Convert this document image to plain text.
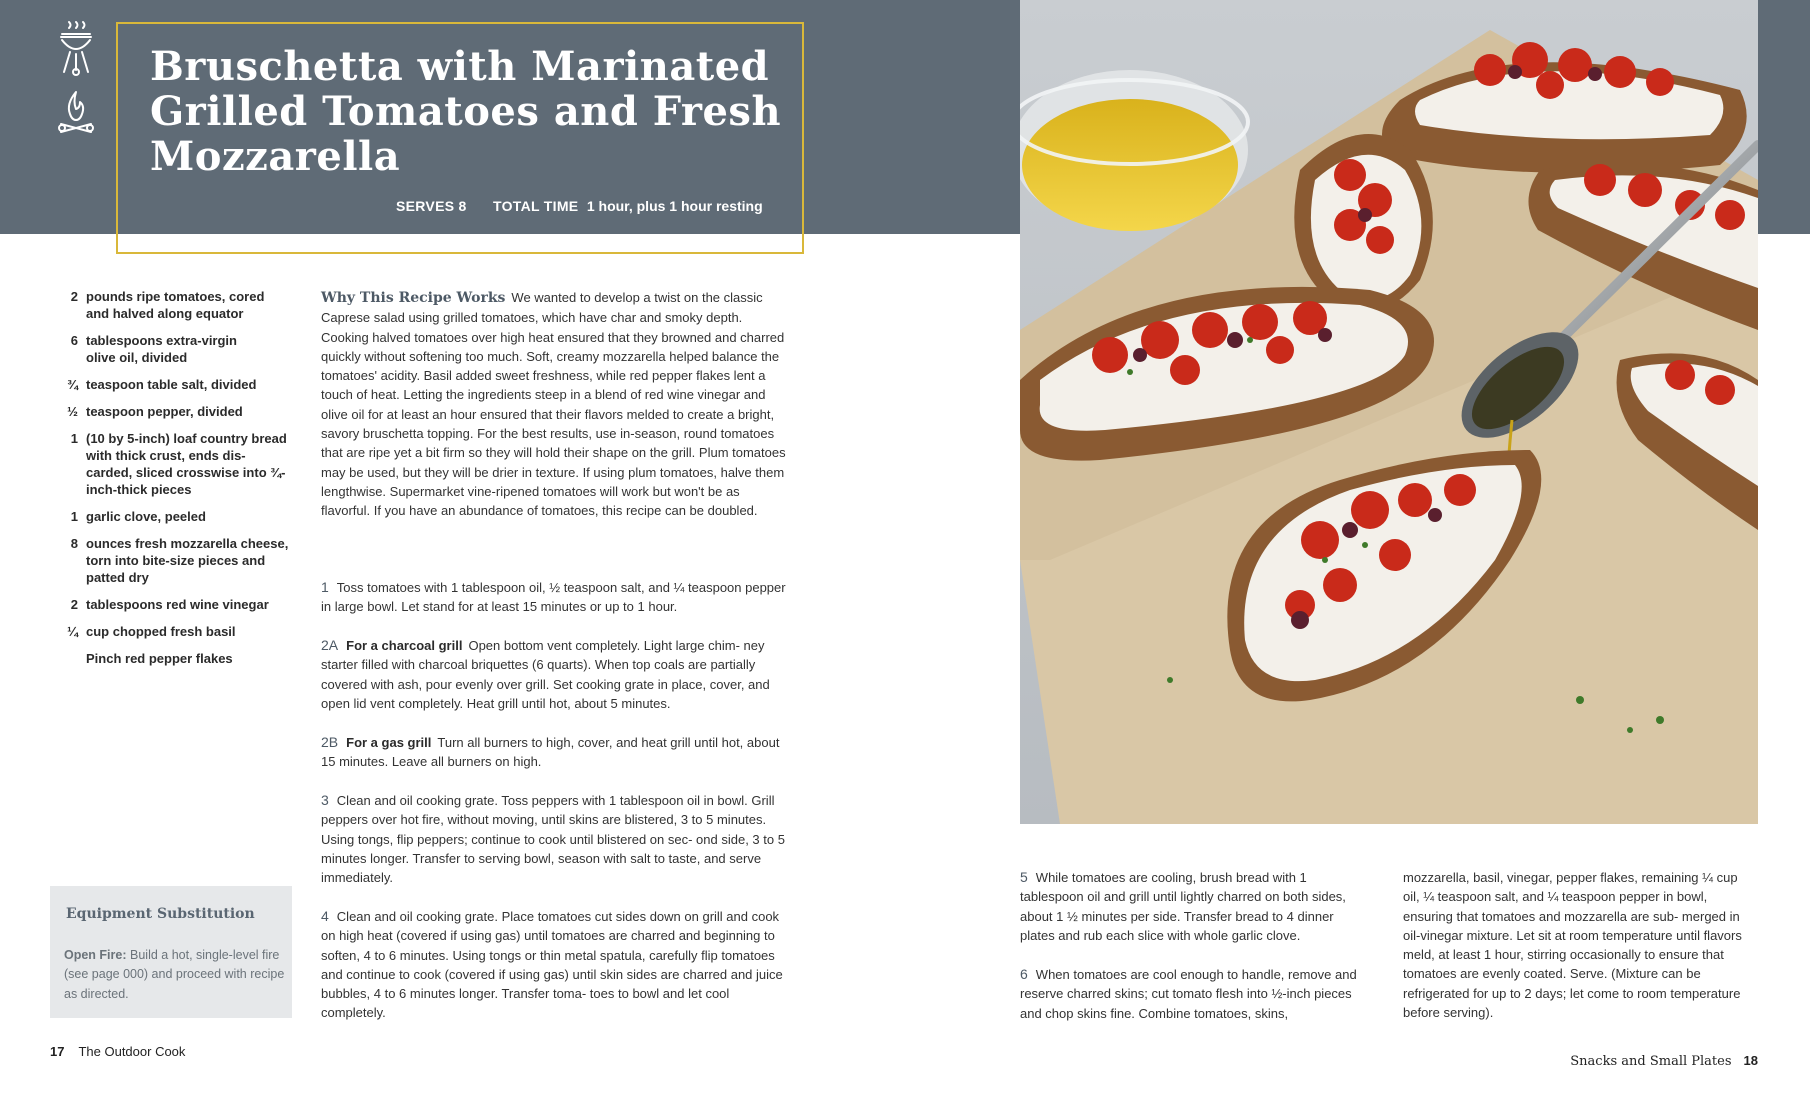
Bruschetta with Marinated Grilled Tomatoes and Fresh Mozzarella
SERVES 8 TOTAL TIME 1 hour, plus 1 hour resting
2 pounds ripe tomatoes, cored and halved along equator
6 tablespoons extra-virgin olive oil, divided
¾ teaspoon table salt, divided
½ teaspoon pepper, divided
1 (10 by 5-inch) loaf country bread with thick crust, ends dis- carded, sliced crosswise into ¾-inch-thick pieces
1 garlic clove, peeled
8 ounces fresh mozzarella cheese, torn into bite-size pieces and patted dry
2 tablespoons red wine vinegar
¼ cup chopped fresh basil
Pinch red pepper flakes
Why This Recipe Works We wanted to develop a twist on the classic Caprese salad using grilled tomatoes, which have char and smoky depth. Cooking halved tomatoes over high heat ensured that they browned and charred quickly without softening too much. Soft, creamy mozzarella helped balance the tomatoes' acidity. Basil added sweet freshness, while red pepper flakes lent a touch of heat. Letting the ingredients steep in a blend of red wine vinegar and olive oil for at least an hour ensured that their flavors melded to create a bright, savory bruschetta topping. For the best results, use in-season, round tomatoes that are ripe yet a bit firm so they will hold their shape on the grill. Plum tomatoes may be used, but they will be drier in texture. If using plum tomatoes, halve them lengthwise. Supermarket vine-ripened tomatoes will work but won't be as flavorful. If you have an abundance of tomatoes, this recipe can be doubled.
1 Toss tomatoes with 1 tablespoon oil, ½ teaspoon salt, and ¼ teaspoon pepper in large bowl. Let stand for at least 15 minutes or up to 1 hour.
2A For a charcoal grill Open bottom vent completely. Light large chim- ney starter filled with charcoal briquettes (6 quarts). When top coals are partially covered with ash, pour evenly over grill. Set cooking grate in place, cover, and open lid vent completely. Heat grill until hot, about 5 minutes.
2B For a gas grill Turn all burners to high, cover, and heat grill until hot, about 15 minutes. Leave all burners on high.
3 Clean and oil cooking grate. Toss peppers with 1 tablespoon oil in bowl. Grill peppers over hot fire, without moving, until skins are blistered, 3 to 5 minutes. Using tongs, flip peppers; continue to cook until blistered on sec- ond side, 3 to 5 minutes longer. Transfer to serving bowl, season with salt to taste, and serve immediately.
4 Clean and oil cooking grate. Place tomatoes cut sides down on grill and cook on high heat (covered if using gas) until tomatoes are charred and beginning to soften, 4 to 6 minutes. Using tongs or thin metal spatula, carefully flip tomatoes and continue to cook (covered if using gas) until skin sides are charred and juice bubbles, 4 to 6 minutes longer. Transfer toma- toes to bowl and let cool completely.
Equipment Substitution
Open Fire: Build a hot, single-level fire (see page 000) and proceed with recipe as directed.
5 While tomatoes are cooling, brush bread with 1 tablespoon oil and grill until lightly charred on both sides, about 1 ½ minutes per side. Transfer bread to 4 dinner plates and rub each slice with whole garlic clove.
6 When tomatoes are cool enough to handle, remove and reserve charred skins; cut tomato flesh into ½-inch pieces and chop skins fine. Combine tomatoes, skins,
mozzarella, basil, vinegar, pepper flakes, remaining ¼ cup oil, ¼ teaspoon salt, and ¼ teaspoon pepper in bowl, ensuring that tomatoes and mozzarella are sub- merged in oil-vinegar mixture. Let sit at room temperature until flavors meld, at least 1 hour, stirring occasionally to ensure that tomatoes are evenly coated. Serve. (Mixture can be refrigerated for up to 2 days; let come to room temperature before serving).
17 The Outdoor Cook
Snacks and Small Plates 18
